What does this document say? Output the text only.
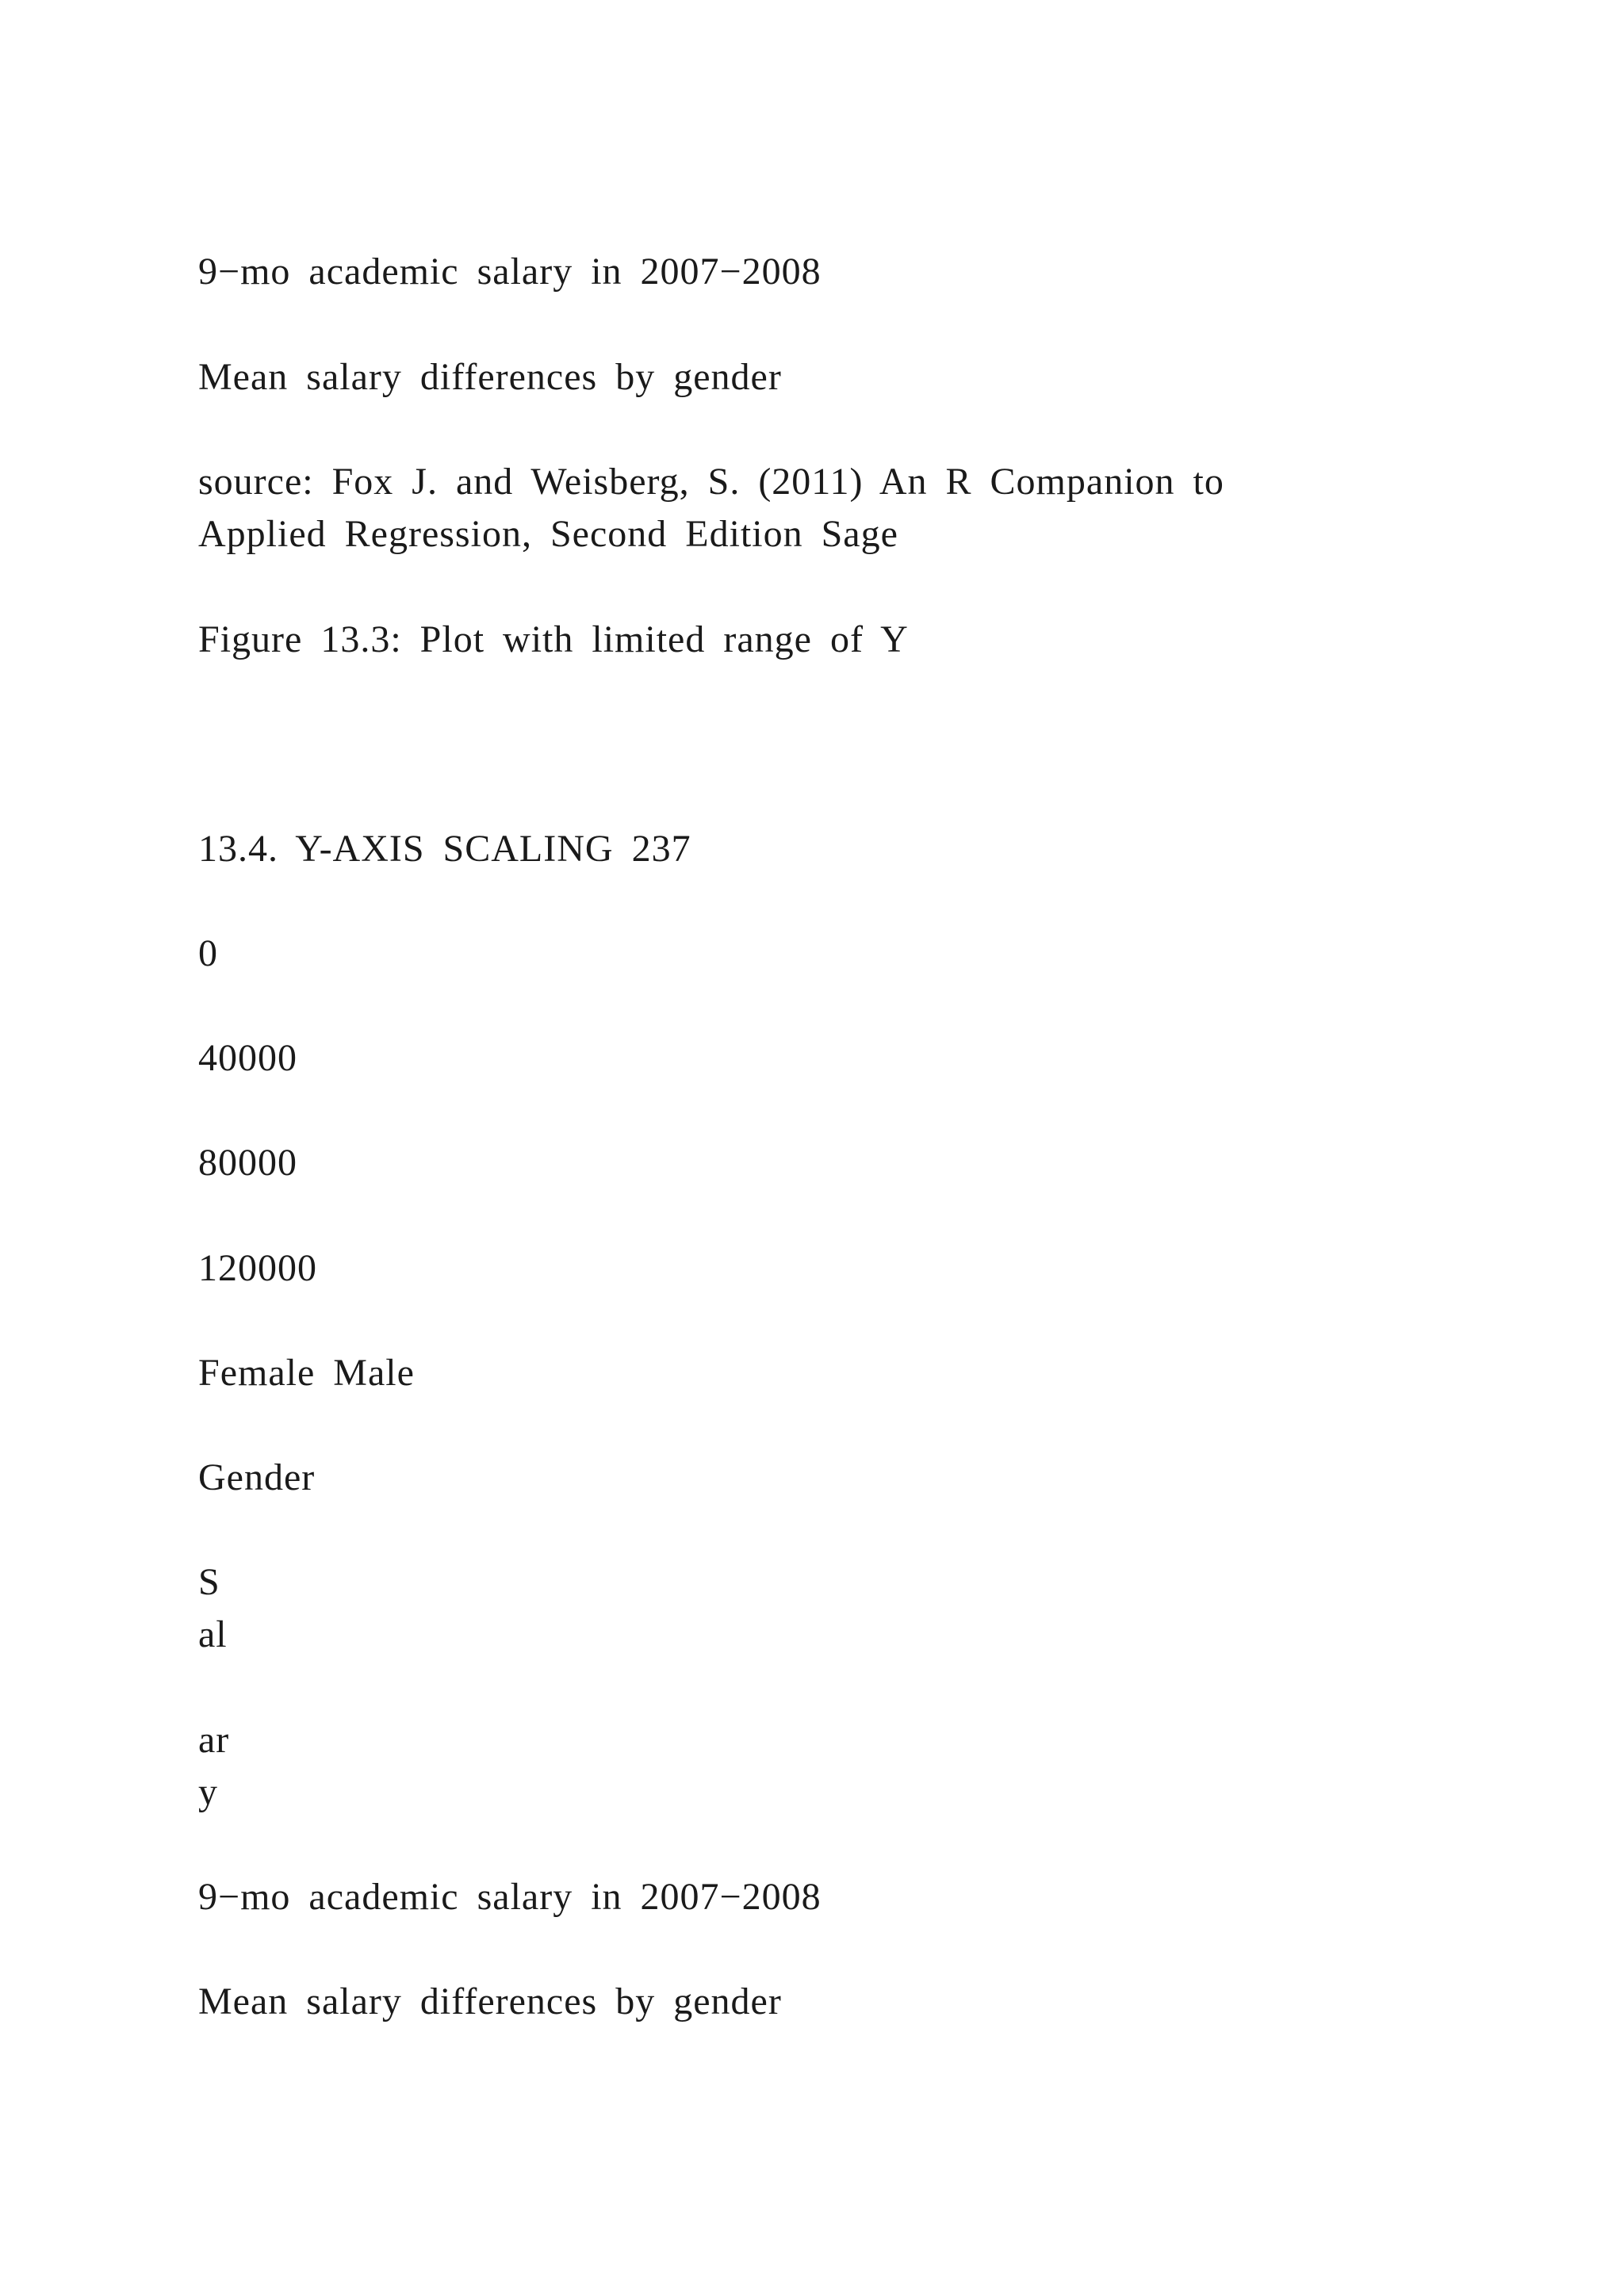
9−mo academic salary in 2007−2008
Mean salary differences by gender
source: Fox J. and Weisberg, S. (2011) An R Companion to
Applied Regression, Second Edition Sage
Figure 13.3: Plot with limited range of Y
13.4. Y-AXIS SCALING 237
0
40000
80000
120000
Female Male
Gender
S
al
ar
y
9−mo academic salary in 2007−2008
Mean salary differences by gender
